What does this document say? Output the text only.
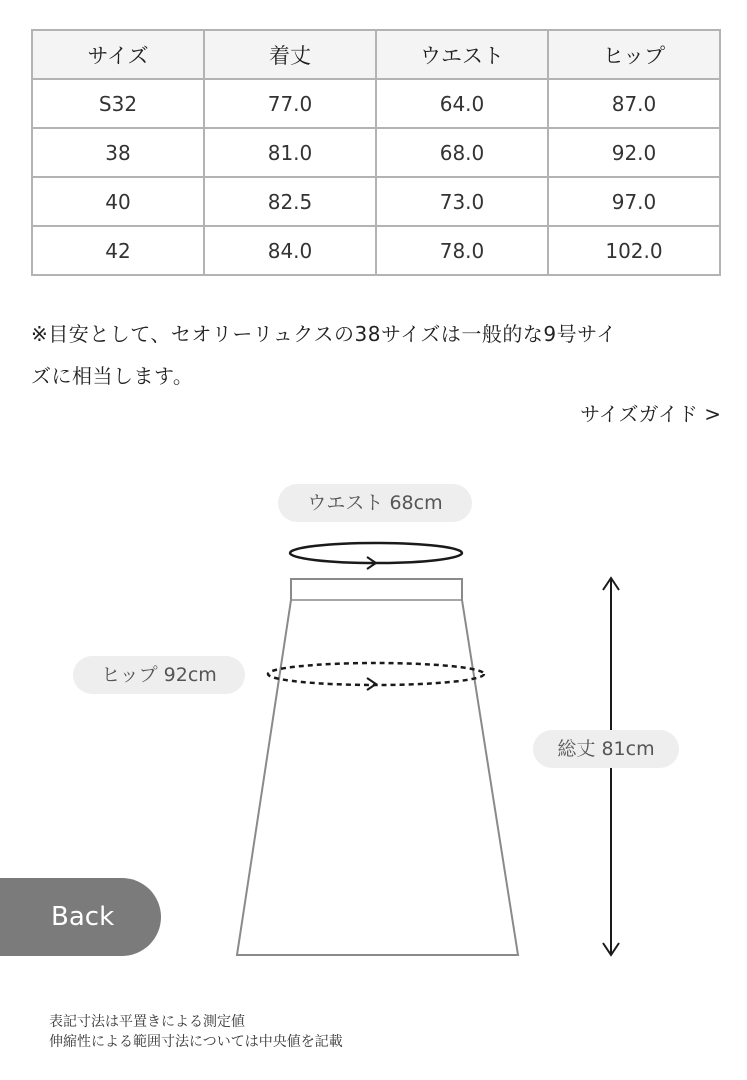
サイズ	着丈	ウエスト	ヒップ
S32	77.0	64.0	87.0
38	81.0	68.0	92.0
40	82.5	73.0	97.0
42	84.0	78.0	102.0
※目安として、セオリーリュクスの38サイズは一般的な9号サイ
ズに相当します。
サイズガイド >
ウエスト 68cm
ヒップ 92cm
総丈 81cm
Back
表記寸法は平置きによる測定値
伸縮性による範囲寸法については中央値を記載
